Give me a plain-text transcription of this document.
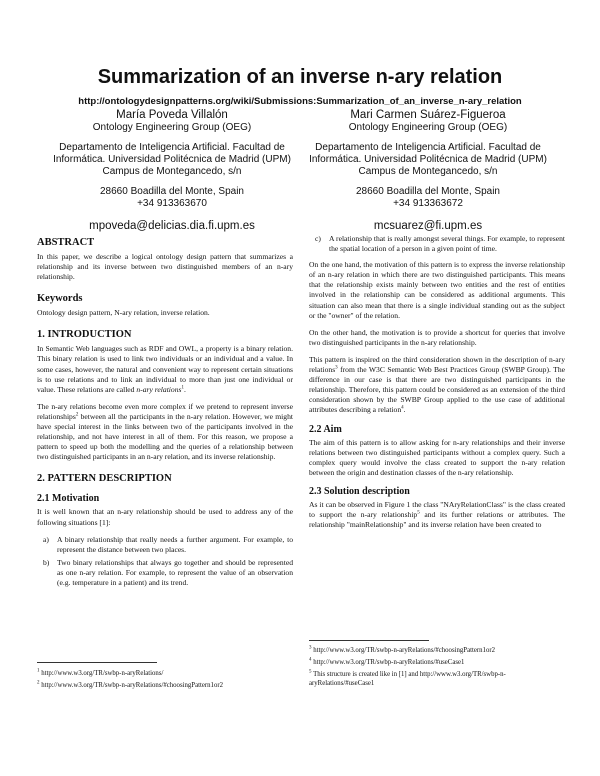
Summarization of an inverse n-ary relation
http://ontologydesignpatterns.org/wiki/Submissions:Summarization_of_an_inverse_n-ary_relation
María Poveda Villalón
Ontology Engineering Group (OEG)
Departamento de Inteligencia Artificial. Facultad de
Informática. Universidad Politécnica de Madrid (UPM)
Campus de Montegancedo, s/n
28660 Boadilla del Monte, Spain
+34 913363670
mpoveda@delicias.dia.fi.upm.es
Mari Carmen Suárez-Figueroa
Ontology Engineering Group (OEG)
Departamento de Inteligencia Artificial. Facultad de
Informática. Universidad Politécnica de Madrid (UPM)
Campus de Montegancedo, s/n
28660 Boadilla del Monte, Spain
+34 913363672
mcsuarez@fi.upm.es
ABSTRACT

In this paper, we describe a logical ontology design pattern that summarizes a relationship and its inverse between two distinguished members of an n-ary relationship.

Keywords

Ontology design pattern, N-ary relation, inverse relation.

1. INTRODUCTION

In Semantic Web languages such as RDF and OWL, a property is a binary relation. This binary relation is used to link two individuals or an individual and a value. In some cases, however, the natural and convenient way to represent certain situations is to use relations and to link an individual to more than just one individual or value. These relations are called n-ary relations$^1$.

The n-ary relations become even more complex if we pretend to represent inverse relationships$^2$ between all the participants in the n-ary relation. However, we might have special interest in the links between two of the participants involved in the relationship, and not have interest in all of them. For this reason, we propose a pattern to speed up both the modelling and the queries of a relationship between two distinguished participants in an n-ary relation, and its inverse relationship.

2. PATTERN DESCRIPTION
2.1 Motivation

It is well known that an n-ary relationship should be used to address any of the following situations [1]:

a) A binary relationship that really needs a further argument. For example, to represent the distance between two places.
b) Two binary relationships that always go together and should be represented as one n-ary relation. For example, to represent the value of an observation (e.g. temperature in a patient) and its trend.

$^1$ http://www.w3.org/TR/swbp-n-aryRelations/

$^2$ http://www.w3.org/TR/swbp-n-aryRelations/#choosingPattern1or2

c) A relationship that is really amongst several things. For example, to represent the spatial location of a person in a given point of time.

On the one hand, the motivation of this pattern is to express the inverse relationship of an n-ary relation in which there are two distinguished participants. This means that the relationship exists mainly between two entities and the rest of entities involved in the relationship can be considered as additional arguments. This situation can also mean that there is a single individual standing out as the subject or the "owner" of the relation.

On the other hand, the motivation is to provide a shortcut for queries that involve two distinguished participants in the n-ary relationship.

This pattern is inspired on the third consideration shown in the description of n-ary relations$^3$ from the W3C Semantic Web Best Practices Group (SWBP Group). The difference in our case is that there are two distinguished participants in the relationship. Therefore, this pattern could be considered as an extension of the third consideration shown by the SWBP Group applied to the use case of additional attributes describing a relation$^4$.

2.2 Aim

The aim of this pattern is to allow asking for n-ary relationships and their inverse relations between two distinguished participants without a complex query. Such a complex query would involve the class created to support the n-ary relation between the origin and destination classes of the n-ary relationship.

2.3 Solution description

As it can be observed in Figure 1 the class "NAryRelationClass" is the class created to support the n-ary relationship$^5$ and its further relations or attributes. The relationship "mainRelationship" and its inverse relation have been created to

$^3$ http://www.w3.org/TR/swbp-n-aryRelations/#choosingPattern1or2

$^4$ http://www.w3.org/TR/swbp-n-aryRelations/#useCase1

$^5$ This structure is created like in [1] and http://www.w3.org/TR/swbp-n-aryRelations/#useCase1
